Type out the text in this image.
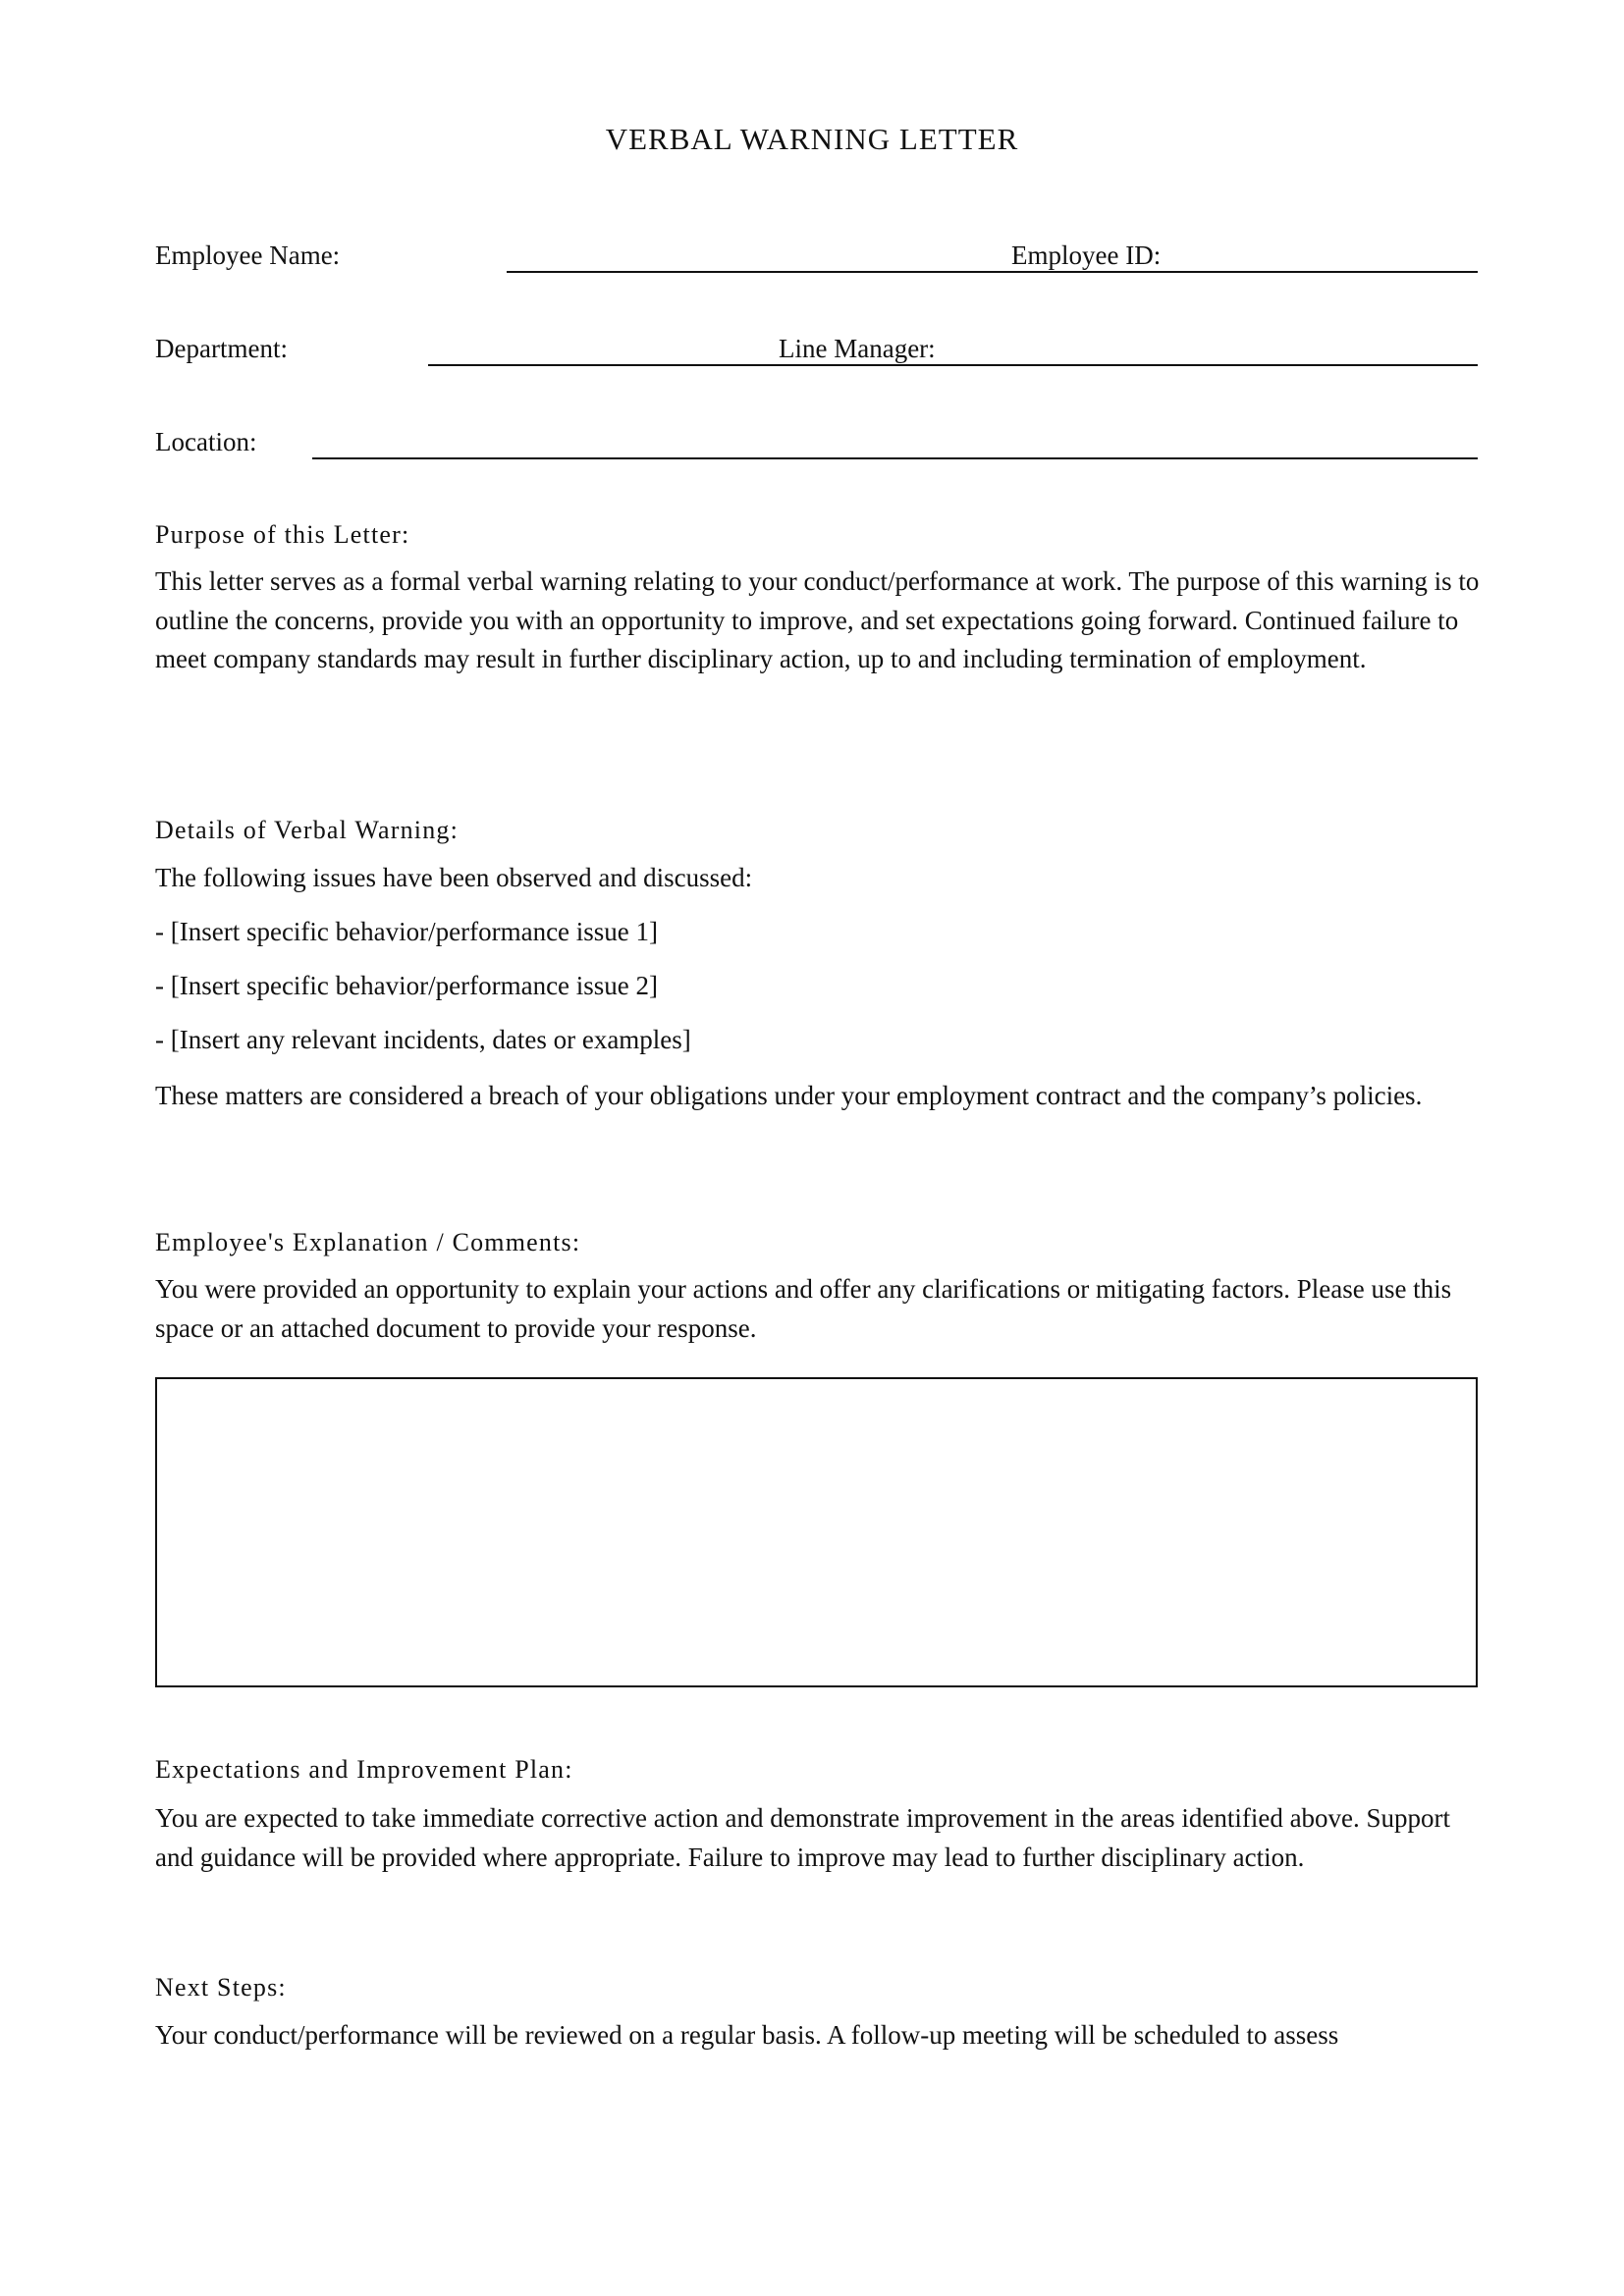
VERBAL WARNING LETTER
Employee Name:	Employee ID:
Department:	Line Manager:
Location:
Purpose of this Letter:
This letter serves as a formal verbal warning relating to your conduct/performance at work. The purpose of this warning is to outline the concerns, provide you with an opportunity to improve, and set expectations going forward. Continued failure to meet company standards may result in further disciplinary action, up to and including termination of employment.
Details of Verbal Warning:
The following issues have been observed and discussed:
- [Insert specific behavior/performance issue 1]
- [Insert specific behavior/performance issue 2]
- [Insert any relevant incidents, dates or examples]
These matters are considered a breach of your obligations under your employment contract and the company’s policies.
Employee's Explanation / Comments:
You were provided an opportunity to explain your actions and offer any clarifications or mitigating factors. Please use this space or an attached document to provide your response.
Expectations and Improvement Plan:
You are expected to take immediate corrective action and demonstrate improvement in the areas identified above. Support and guidance will be provided where appropriate. Failure to improve may lead to further disciplinary action.
Next Steps:
Your conduct/performance will be reviewed on a regular basis. A follow-up meeting will be scheduled to assess
